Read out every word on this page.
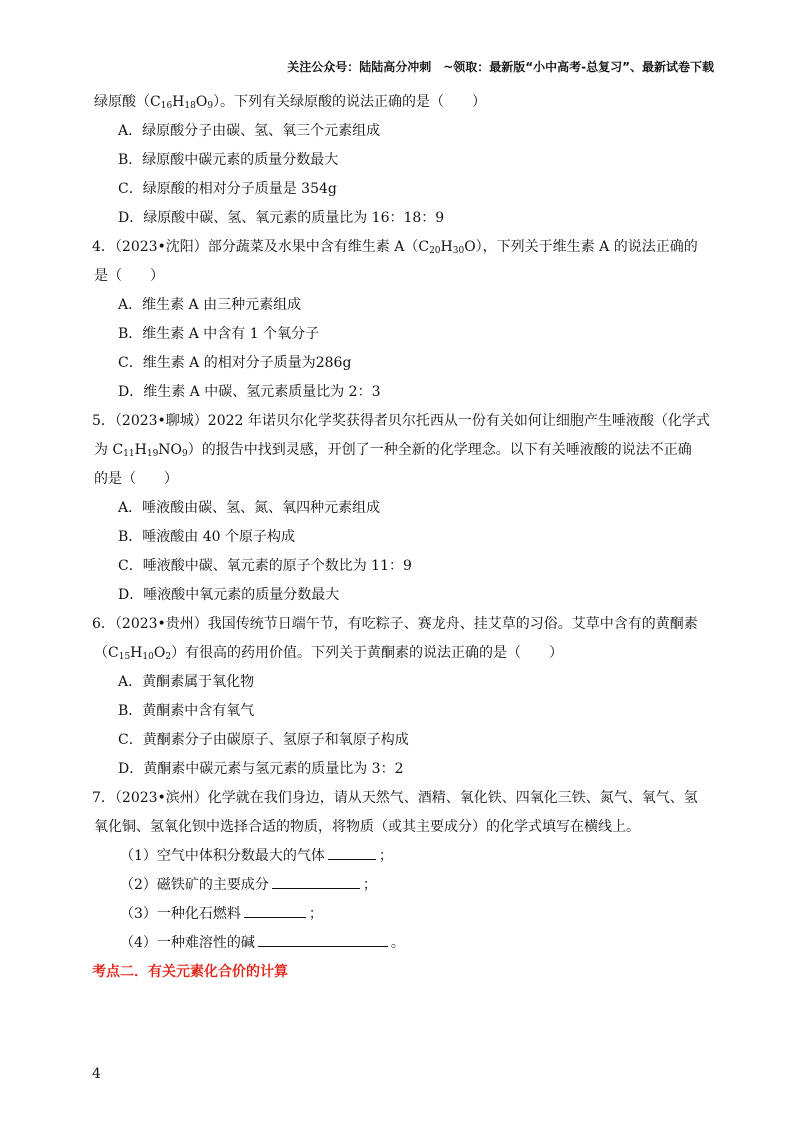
关注公众号：陆陆高分冲刺　~领取：最新版“小中高考-总复习”、最新试卷下载
绿原酸$(C_{16}H_{18}O_9)$。下列有关绿原酸的说法正确的是（　　）
A．绿原酸分子由碳、氢、氧三个元素组成
B．绿原酸中碳元素的质量分数最大
C．绿原酸的相对分子质量是 354g
D．绿原酸中碳、氢、氧元素的质量比为 16：18：9
4．（2023•沈阳）部分蔬菜及水果中含有维生素 $A(C_{20}H_{30}O)$，下列关于维生素 A 的说法正确的
是（　　）
A．维生素 A 由三种元素组成
B．维生素 A 中含有 1 个氧分子
C．维生素 A 的相对分子质量为286g
D．维生素 A 中碳、氢元素质量比为 2：3
5．（2023•聊城）2022 年诺贝尔化学奖获得者贝尔托西从一份有关如何让细胞产生唾液酸（化学式
为 $C_{11}H_{19}NO_9$）的报告中找到灵感，开创了一种全新的化学理念。以下有关唾液酸的说法不正确
的是（　　）
A．唾液酸由碳、氢、氮、氧四种元素组成
B．唾液酸由 40 个原子构成
C．唾液酸中碳、氧元素的原子个数比为 11：9
D．唾液酸中氧元素的质量分数最大
6．（2023•贵州）我国传统节日端午节，有吃粽子、赛龙舟、挂艾草的习俗。艾草中含有的黄酮素
$(C_{15}H_{10}O_2)$有很高的药用价值。下列关于黄酮素的说法正确的是（　　）
A．黄酮素属于氧化物
B．黄酮素中含有氧气
C．黄酮素分子由碳原子、氢原子和氧原子构成
D．黄酮素中碳元素与氢元素的质量比为 3：2
7．（2023•滨州）化学就在我们身边，请从天然气、酒精、氧化铁、四氧化三铁、氮气、氧气、氢
氧化铜、氢氧化钡中选择合适的物质，将物质（或其主要成分）的化学式填写在横线上。
（1）空气中体积分数最大的气体	；
（2）磁铁矿的主要成分	；
（3）一种化石燃料	；
（4）一种难溶性的碱	。
考点二．有关元素化合价的计算
4
